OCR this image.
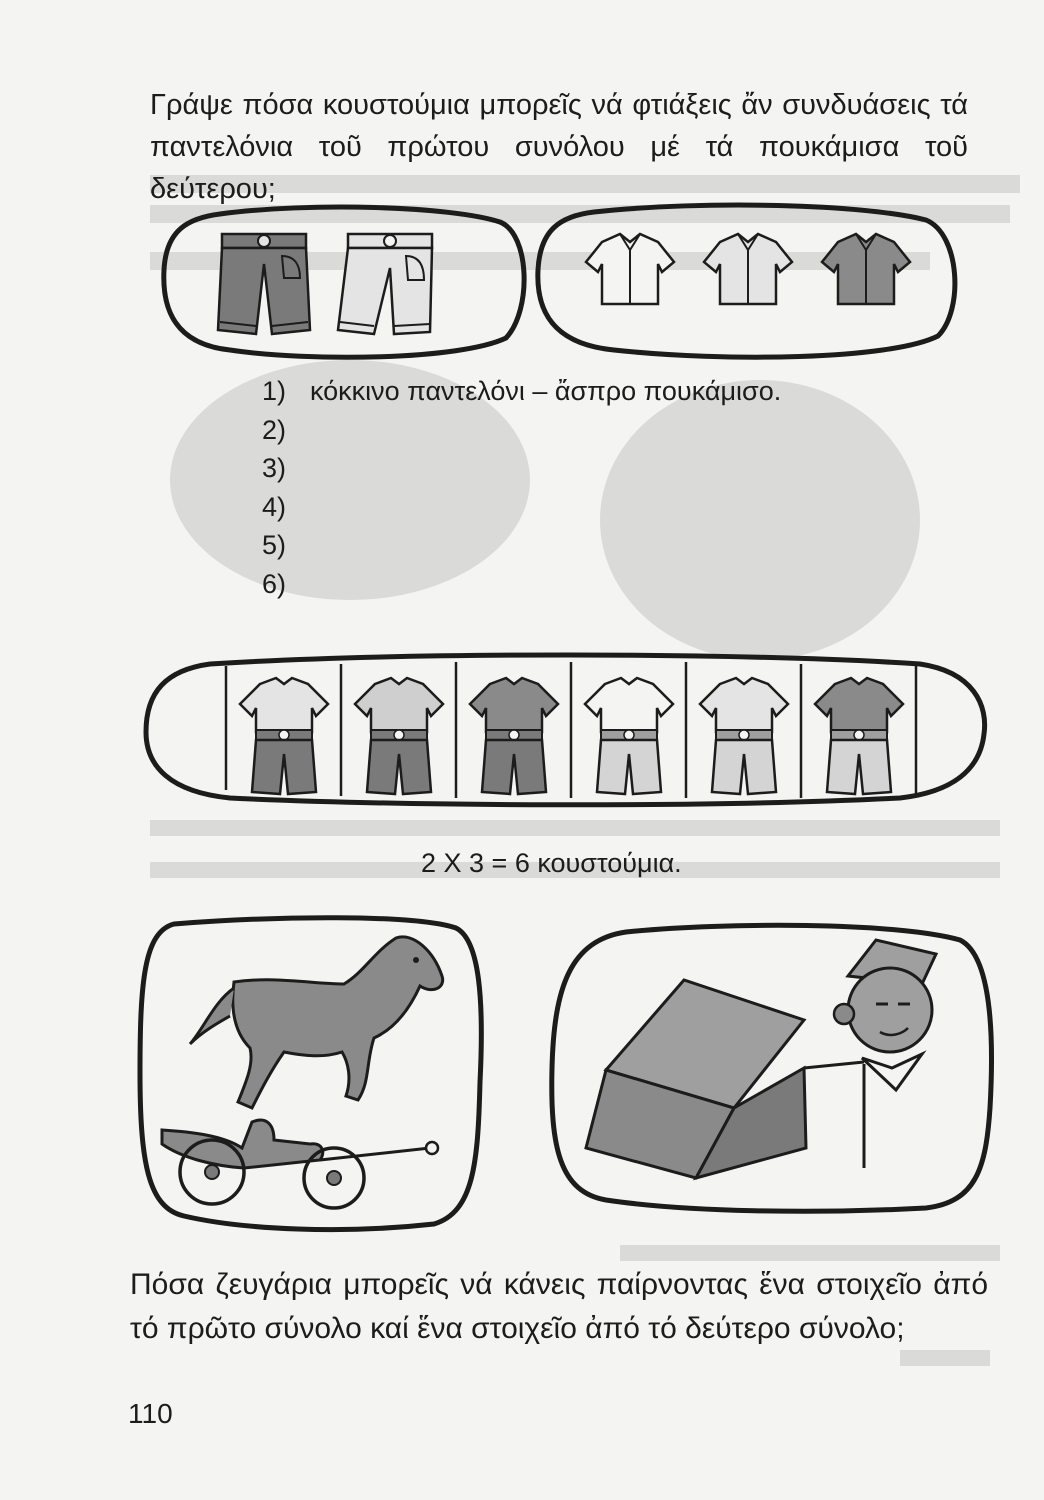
Γράψε πόσα κουστούμια μπορεῖς νά φτιάξεις ἄν συνδυάσεις τά παντελόνια τοῦ πρώτου συνόλου μέ τά πουκάμισα τοῦ δεύτερου;

1) κόκκινο παντελόνι – ἄσπρο πουκάμισο.
2)
3)
4)
5)
6)
2 X 3 = 6 κουστούμια.

Πόσα ζευγάρια μπορεῖς νά κάνεις παίρνοντας ἕνα στοιχεῖο ἀπό τό πρῶτο σύνολο καί ἕνα στοιχεῖο ἀπό τό δεύτερο σύνολο;

110
